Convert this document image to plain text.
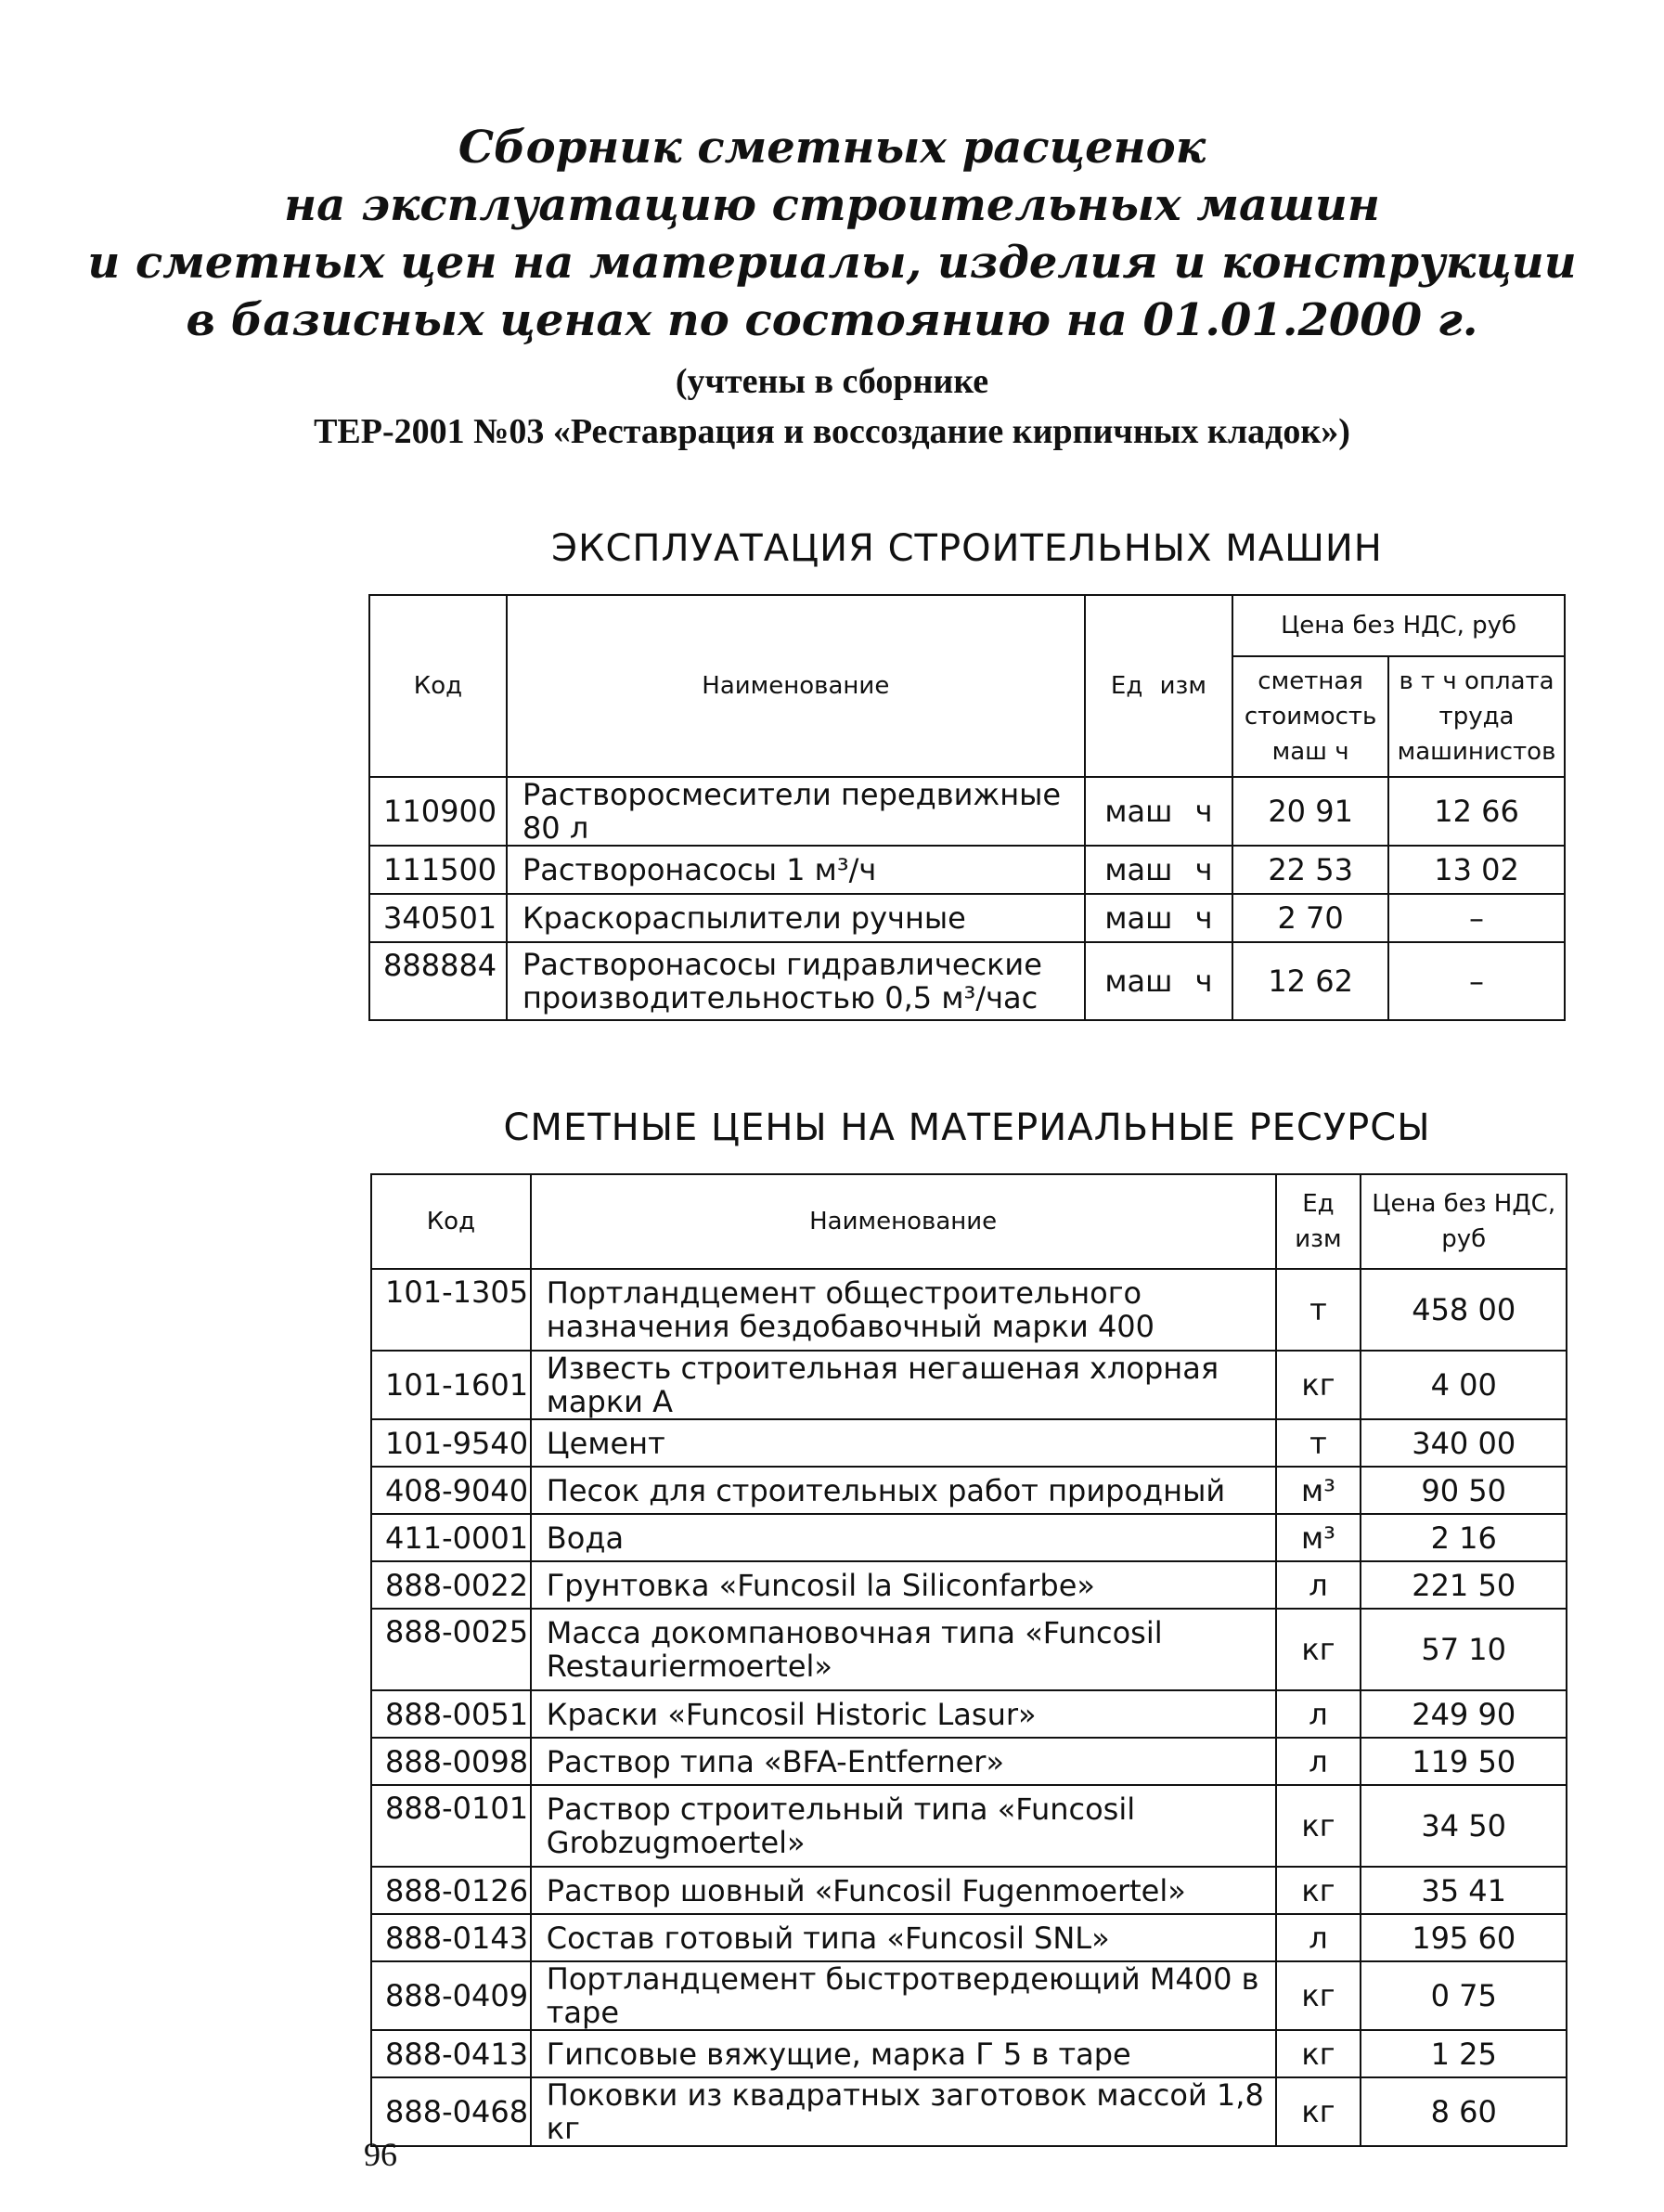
Сборник сметных расценок
на эксплуатацию строительных машин
и сметных цен на материалы, изделия и конструкции
в базисных ценах по состоянию на 01.01.2000 г.
(учтены в сборнике
ТЕР-2001 №03 «Реставрация и воссоздание кирпичных кладок»)
ЭКСПЛУАТАЦИЯ СТРОИТЕЛЬНЫХ МАШИН
Код	Наименование	Ед изм	Цена без НДС, руб	
			сметная стоимость маш ч	в т ч оплата труда машинистов
110900	Растворосмесители передвижные 80 л	маш ч	20 91	12 66
111500	Растворонасосы 1 м³/ч	маш ч	22 53	13 02
340501	Краскораспылители ручные	маш ч	2 70	–
888884	Растворонасосы гидравлические производительностью 0,5 м³/час	маш ч	12 62	–
СМЕТНЫЕ ЦЕНЫ НА МАТЕРИАЛЬНЫЕ РЕСУРСЫ
Код	Наименование	Ед изм	Цена без НДС, руб
101-1305	Портландцемент общестроительного назначения бездобавочный марки 400	т	458 00
101-1601	Известь строительная негашеная хлорная марки А	кг	4 00
101-9540	Цемент	т	340 00
408-9040	Песок для строительных работ природный	м³	90 50
411-0001	Вода	м³	2 16
888-0022	Грунтовка «Funcosil la Siliconfarbe»	л	221 50
888-0025	Масса докомпановочная типа «Funcosil Restauriermoertel»	кг	57 10
888-0051	Краски «Funcosil Historic Lasur»	л	249 90
888-0098	Раствор типа «BFA-Entferner»	л	119 50
888-0101	Раствор строительный типа «Funcosil Grobzugmoertel»	кг	34 50
888-0126	Раствор шовный «Funcosil Fugenmoertel»	кг	35 41
888-0143	Состав готовый типа «Funcosil SNL»	л	195 60
888-0409	Портландцемент быстротвердеющий М400 в таре	кг	0 75
888-0413	Гипсовые вяжущие, марка Г 5 в таре	кг	1 25
888-0468	Поковки из квадратных заготовок массой 1,8 кг	кг	8 60
96
